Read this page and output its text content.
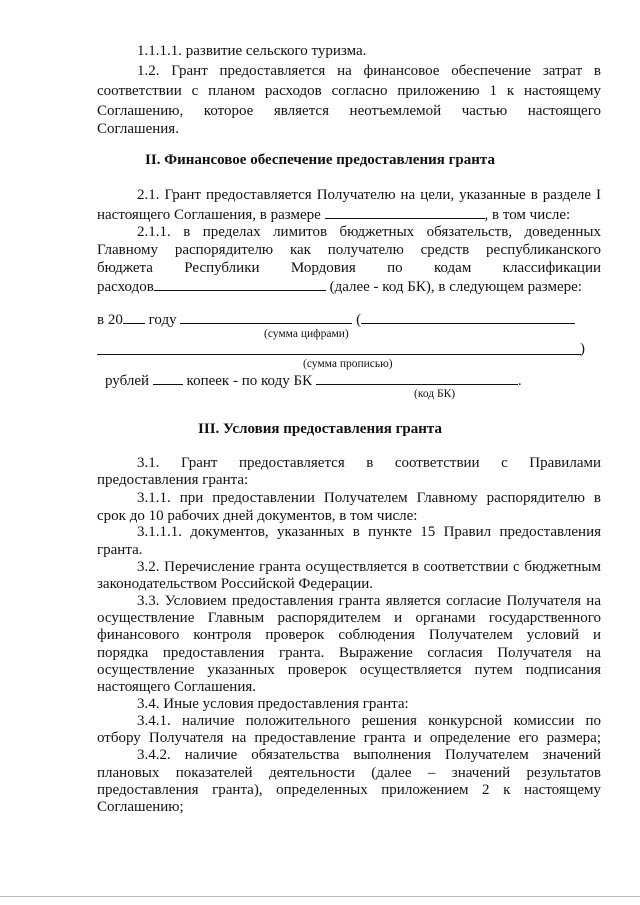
1.1.1.1. развитие сельского туризма.
1.2. Грант предоставляется на финансовое обеспечение затрат в
соответствии с планом расходов согласно приложению 1 к настоящему
Соглашению, которое является неотъемлемой частью настоящего
Соглашения.
II. Финансовое обеспечение предоставления гранта
2.1. Грант предоставляется Получателю на цели, указанные в разделе I
настоящего Соглашения, в размере	, в том числе:
2.1.1. в пределах лимитов бюджетных обязательств, доведенных
Главному распорядителю как получателю средств республиканского
бюджета Республики Мордовия по кодам классификации
расходов	(далее - код БК), в следующем размере:
в 20 году	(
(сумма цифрами)
)
(сумма прописью)
рублей	копеек - по коду БК	.
(код БК)
III. Условия предоставления гранта
3.1. Грант предоставляется в соответствии с Правилами
предоставления гранта:
3.1.1. при предоставлении Получателем Главному распорядителю в
срок до 10 рабочих дней документов, в том числе:
3.1.1.1. документов, указанных в пункте 15 Правил предоставления
гранта.
3.2. Перечисление гранта осуществляется в соответствии с бюджетным
законодательством Российской Федерации.
3.3. Условием предоставления гранта является согласие Получателя на
осуществление Главным распорядителем и органами государственного
финансового контроля проверок соблюдения Получателем условий и
порядка предоставления гранта. Выражение согласия Получателя на
осуществление указанных проверок осуществляется путем подписания
настоящего Соглашения.
3.4. Иные условия предоставления гранта:
3.4.1. наличие положительного решения конкурсной комиссии по
отбору Получателя на предоставление гранта и определение его размера;
3.4.2. наличие обязательства выполнения Получателем значений
плановых показателей деятельности (далее – значений результатов
предоставления гранта), определенных приложением 2 к настоящему
Соглашению;
